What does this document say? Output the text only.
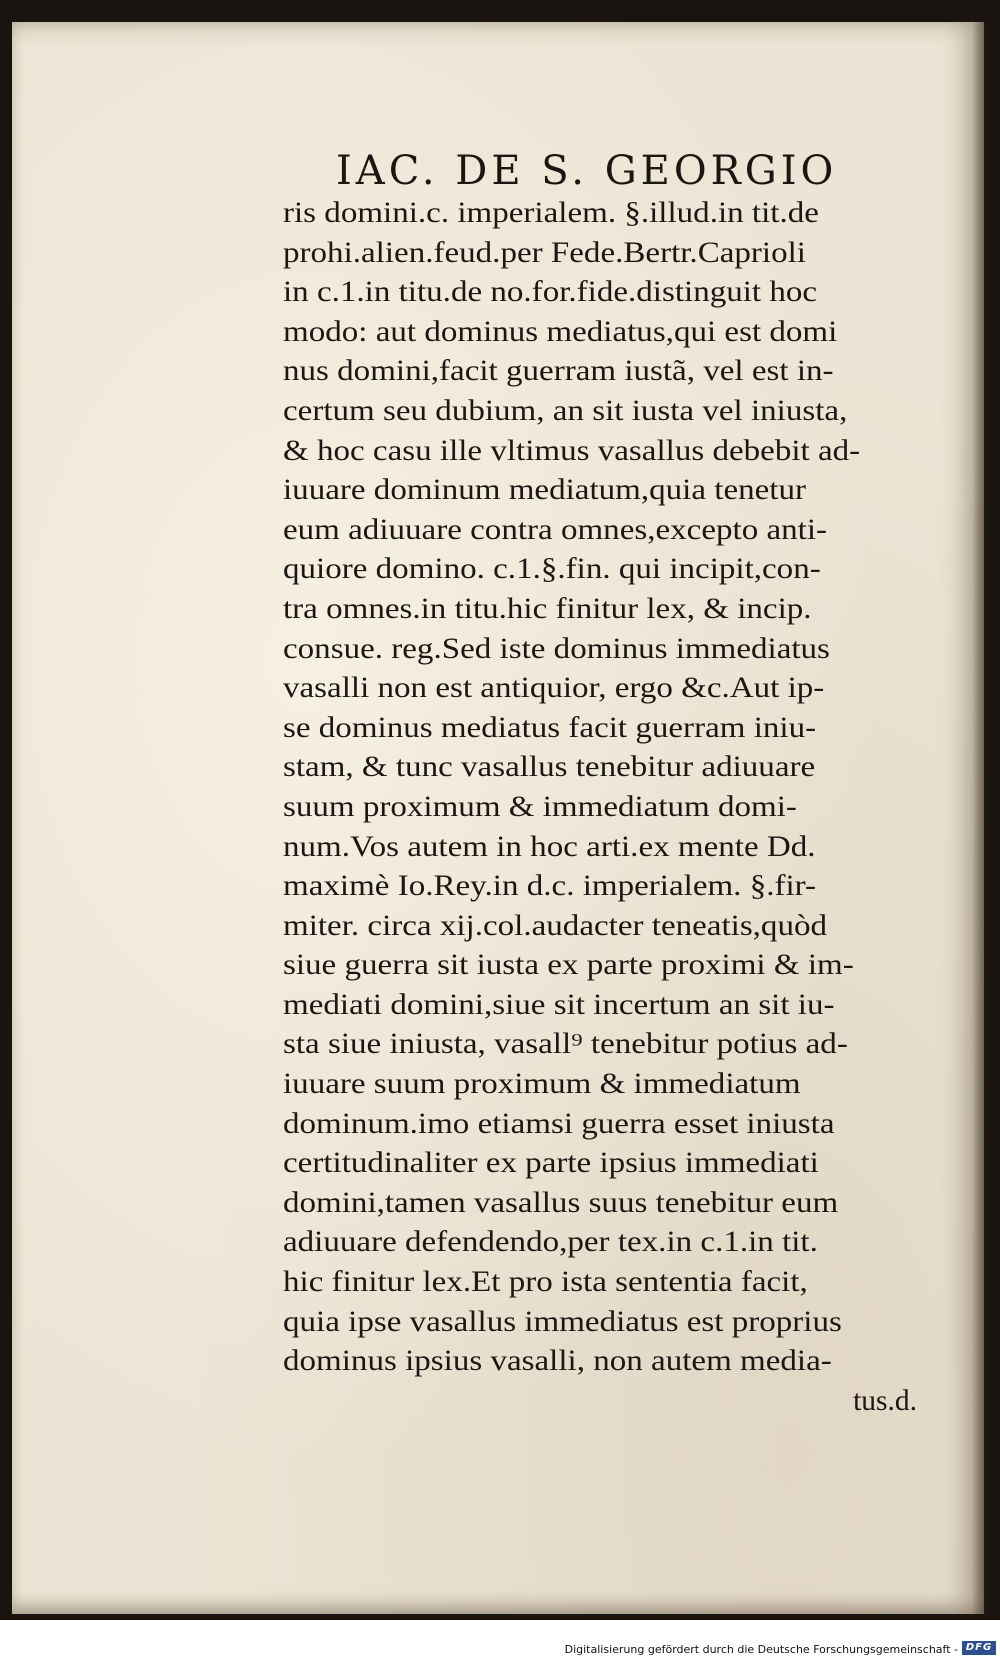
IAC. DE S. GEORGIO
ris domini.c. imperialem. §.illud.in tit.de
prohi.alien.feud.per Fede.Bertr.Caprioli
in c.1.in titu.de no.for.fide.distinguit hoc
modo: aut dominus mediatus,qui est domi
nus domini,facit guerram iustã, vel est in-
certum seu dubium, an sit iusta vel iniusta,
& hoc casu ille vltimus vasallus debebit ad-
iuuare dominum mediatum,quia tenetur
eum adiuuare contra omnes,excepto anti-
quiore domino. c.1.§.fin. qui incipit,con-
tra omnes.in titu.hic finitur lex, & incip.
consue. reg.Sed iste dominus immediatus
vasalli non est antiquior, ergo &c.Aut ip-
se dominus mediatus facit guerram iniu-
stam, & tunc vasallus tenebitur adiuuare
suum proximum & immediatum domi-
num.Vos autem in hoc arti.ex mente Dd.
maximè Io.Rey.in d.c. imperialem. §.fir-
miter. circa xij.col.audacter teneatis,quòd
siue guerra sit iusta ex parte proximi & im-
mediati domini,siue sit incertum an sit iu-
sta siue iniusta, vasall⁹ tenebitur potius ad-
iuuare suum proximum & immediatum
dominum.imo etiamsi guerra esset iniusta
certitudinaliter ex parte ipsius immediati
domini,tamen vasallus suus tenebitur eum
adiuuare defendendo,per tex.in c.1.in tit.
hic finitur lex.Et pro ista sententia facit,
quia ipse vasallus immediatus est proprius
dominus ipsius vasalli, non autem media-
tus.d.
Digitalisierung gefördert durch die Deutsche Forschungsgemeinschaft - DFG
